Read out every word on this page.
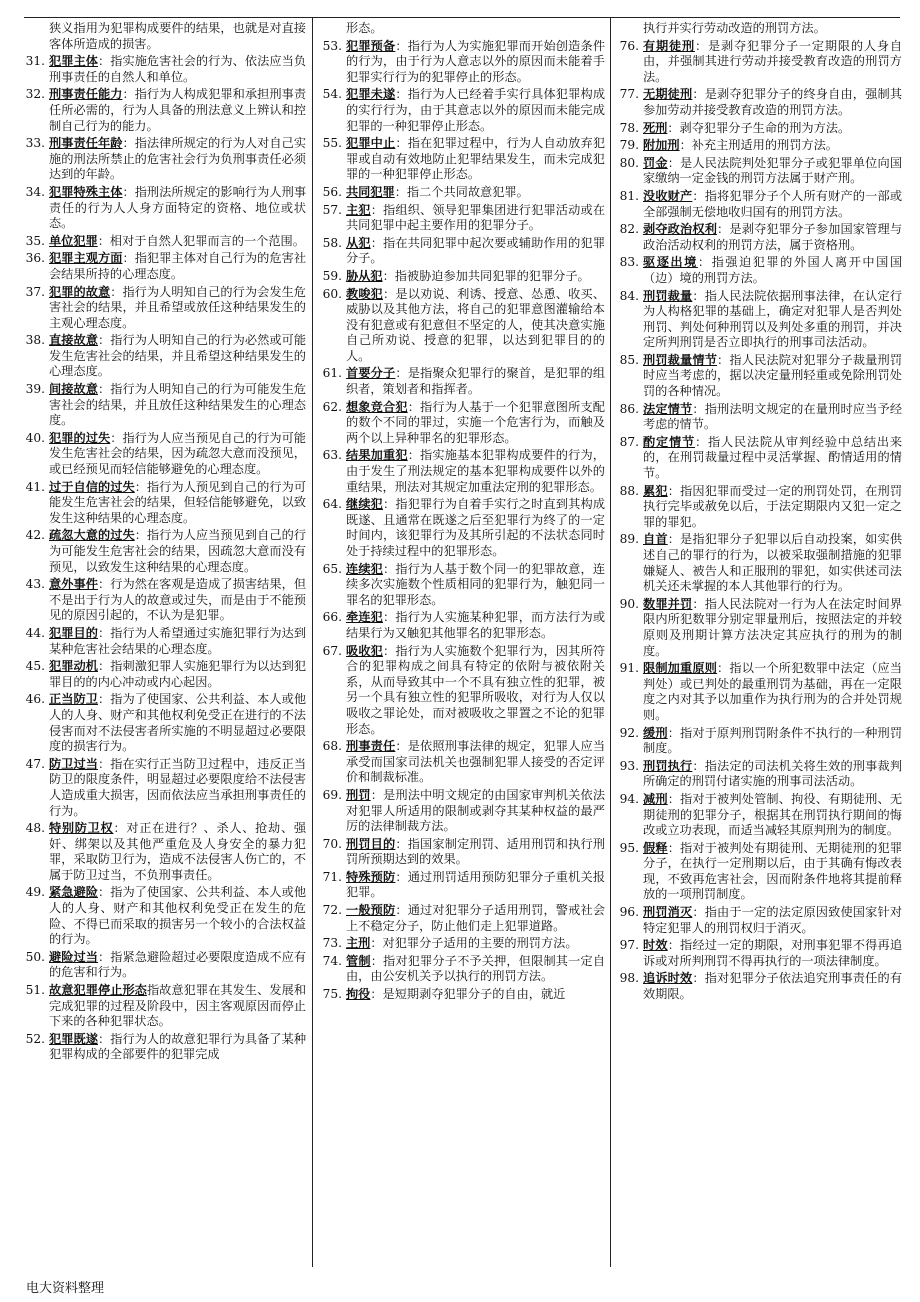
狭义指用为犯罪构成要件的结果，也就是对直接客体所造成的损害。
31. 犯罪主体：指实施危害社会的行为、依法应当负刑事责任的自然人和单位。
32. 刑事责任能力：指行为人构成犯罪和承担刑事责任所必需的，行为人具备的刑法意义上辨认和控制自己行为的能力。
33. 刑事责任年龄：指法律所规定的行为人对自己实施的刑法所禁止的危害社会行为负刑事责任必须达到的年龄。
34. 犯罪特殊主体：指刑法所规定的影响行为人刑事责任的行为人人身方面特定的资格、地位或状态。
35. 单位犯罪：相对于自然人犯罪而言的一个范围。
36. 犯罪主观方面：指犯罪主体对自己行为的危害社会结果所持的心理态度。
37. 犯罪的故意：指行为人明知自己的行为会发生危害社会的结果，并且希望或放任这种结果发生的主观心理态度。
38. 直接故意：指行为人明知自己的行为必然或可能发生危害社会的结果，并且希望这种结果发生的心理态度。
39. 间接故意：指行为人明知自己的行为可能发生危害社会的结果，并且放任这种结果发生的心理态度。
40. 犯罪的过失：指行为人应当预见自己的行为可能发生危害社会的结果，因为疏忽大意而没预见，或已经预见而轻信能够避免的心理态度。
41. 过于自信的过失：指行为人预见到自己的行为可能发生危害社会的结果，但轻信能够避免，以致发生这种结果的心理态度。
42. 疏忽大意的过失：指行为人应当预见到自己的行为可能发生危害社会的结果，因疏忽大意而没有预见，以致发生这种结果的心理态度。
43. 意外事件：行为然在客观是造成了损害结果，但不是出于行为人的故意或过失，而是由于不能预见的原因引起的，不认为是犯罪。
44. 犯罪目的：指行为人希望通过实施犯罪行为达到某种危害社会结果的心理态度。
45. 犯罪动机：指刺激犯罪人实施犯罪行为以达到犯罪目的的内心冲动或内心起因。
46. 正当防卫：指为了使国家、公共利益、本人或他人的人身、财产和其他权利免受正在进行的不法侵害而对不法侵害者所实施的不明显超过必要限度的损害行为。
47. 防卫过当：指在实行正当防卫过程中，违反正当防卫的限度条件，明显超过必要限度给不法侵害人造成重大损害，因而依法应当承担刑事责任的行为。
48. 特别防卫权：对正在进行？、杀人、抢劫、强奸、绑架以及其他严重危及人身安全的暴力犯罪，采取防卫行为，造成不法侵害人伤亡的，不属于防卫过当，不负刑事责任。
49. 紧急避险：指为了使国家、公共利益、本人或他人的人身、财产和其他权利免受正在发生的危险、不得已而采取的损害另一个较小的合法权益的行为。
50. 避险过当：指紧急避险超过必要限度造成不应有的危害和行为。
51. 故意犯罪停止形态指故意犯罪在其发生、发展和完成犯罪的过程及阶段中，因主客观原因而停止下来的各种犯罪状态。
52. 犯罪既遂：指行为人的故意犯罪行为具备了某种犯罪构成的全部要件的犯罪完成
形态。
53. 犯罪预备：指行为人为实施犯罪而开始创造条件的行为，由于行为人意志以外的原因而未能着手犯罪实行行为的犯罪停止的形态。
54. 犯罪未遂：指行为人已经着手实行具体犯罪构成的实行行为，由于其意志以外的原因而未能完成犯罪的一种犯罪停止形态。
55. 犯罪中止：指在犯罪过程中，行为人自动放弃犯罪或自动有效地防止犯罪结果发生，而未完成犯罪的一种犯罪停止形态。
56. 共同犯罪：指二个共同故意犯罪。
57. 主犯：指组织、领导犯罪集团进行犯罪活动或在共同犯罪中起主要作用的犯罪分子。
58. 从犯：指在共同犯罪中起次要或辅助作用的犯罪分子。
59. 胁从犯：指被胁迫参加共同犯罪的犯罪分子。
60. 教唆犯：是以劝说、利诱、授意、怂恿、收买、威胁以及其他方法，将自己的犯罪意图灌输给本没有犯意或有犯意但不坚定的人，使其决意实施自己所劝说、授意的犯罪，以达到犯罪目的的人。
61. 首要分子：是指聚众犯罪行的聚首，是犯罪的组织者，策划者和指挥者。
62. 想象竞合犯：指行为人基于一个犯罪意图所支配的数个不同的罪过，实施一个危害行为，而触及两个以上异种罪名的犯罪形态。
63. 结果加重犯：指实施基本犯罪构成要件的行为，由于发生了刑法规定的基本犯罪构成要件以外的重结果，刑法对其规定加重法定刑的犯罪形态。
64. 继续犯：指犯罪行为自着手实行之时直到其构成既遂、且通常在既遂之后至犯罪行为终了的一定时间内，该犯罪行为及其所引起的不法状态同时处于持续过程中的犯罪形态。
65. 连续犯：指行为人基于数个同一的犯罪故意，连续多次实施数个性质相同的犯罪行为，触犯同一罪名的犯罪形态。
66. 牵连犯：指行为人实施某种犯罪，而方法行为或结果行为又触犯其他罪名的犯罪形态。
67. 吸收犯：指行为人实施数个犯罪行为，因其所符合的犯罪构成之间具有特定的依附与被依附关系，从而导致其中一个不具有独立性的犯罪，被另一个具有独立性的犯罪所吸收，对行为人仅以吸收之罪论处，而对被吸收之罪置之不论的犯罪形态。
68. 刑事责任：是依照刑事法律的规定，犯罪人应当承受而国家司法机关也强制犯罪人接受的否定评价和制裁标准。
69. 刑罚：是刑法中明文规定的由国家审判机关依法对犯罪人所适用的限制或剥夺其某种权益的最严厉的法律制裁方法。
70. 刑罚目的：指国家制定刑罚、适用刑罚和执行刑罚所预期达到的效果。
71. 特殊预防：通过刑罚适用预防犯罪分子重机关报犯罪。
72. 一般预防：通过对犯罪分子适用刑罚，警戒社会上不稳定分子，防止他们走上犯罪道路。
73. 主刑：对犯罪分子适用的主要的刑罚方法。
74. 管制：指对犯罪分子不予关押，但限制其一定自由，由公安机关予以执行的刑罚方法。
75. 拘役：是短期剥夺犯罪分子的自由，就近
执行并实行劳动改造的刑罚方法。
76. 有期徒刑：是剥夺犯罪分子一定期限的人身自由，并强制其进行劳动并接受教育改造的刑罚方法。
77. 无期徒刑：是剥夺犯罪分子的终身自由，强制其参加劳动并接受教育改造的刑罚方法。
78. 死刑：剥夺犯罪分子生命的刑为方法。
79. 附加刑：补充主刑适用的刑罚方法。
80. 罚金：是人民法院判处犯罪分子或犯罪单位向国家缴纳一定金钱的刑罚方法属于财产刑。
81. 没收财产：指将犯罪分子个人所有财产的一部或全部强制无偿地收归国有的刑罚方法。
82. 剥夺政治权利：是剥夺犯罪分子参加国家管理与政治活动权利的刑罚方法，属于资格刑。
83. 驱逐出境：指强迫犯罪的外国人离开中国国（边）境的刑罚方法。
84. 刑罚裁量：指人民法院依据刑事法律，在认定行为人构格犯罪的基础上，确定对犯罪人是否判处刑罚、判处何种刑罚以及判处多重的刑罚，并决定所判刑罚是否立即执行的刑事司法活动。
85. 刑罚裁量情节：指人民法院对犯罪分子裁量刑罚时应当考虑的，据以决定量刑轻重或免除刑罚处罚的各种情况。
86. 法定情节：指刑法明文规定的在量刑时应当予经考虑的情节。
87. 酌定情节：指人民法院从审判经验中总结出来的，在刑罚裁量过程中灵活掌握、酌情适用的情节。
88. 累犯：指因犯罪而受过一定的刑罚处罚，在刑罚执行完毕或赦免以后，于法定期限内又犯一定之罪的罪犯。
89. 自首：是指犯罪分子犯罪以后自动投案，如实供述自己的罪行的行为，以被采取强制措施的犯罪嫌疑人、被告人和正服刑的罪犯，如实供述司法机关还未掌握的本人其他罪行的行为。
90. 数罪并罚：指人民法院对一行为人在法定时间界限内所犯数罪分别定罪量刑后，按照法定的并较原则及刑期计算方法决定其应执行的刑为的制度。
91. 限制加重原则：指以一个所犯数罪中法定（应当判处）或已判处的最重刑罚为基础，再在一定限度之内对其予以加重作为执行刑为的合并处罚规则。
92. 缓刑：指对于原判刑罚附条件不执行的一种刑罚制度。
93. 刑罚执行：指法定的司法机关将生效的刑事裁判所确定的刑罚付诸实施的刑事司法活动。
94. 减刑：指对于被判处管制、拘役、有期徒刑、无期徒刑的犯罪分子，根据其在刑罚执行期间的悔改或立功表现，而适当减轻其原判刑为的制度。
95. 假释：指对于被判处有期徒刑、无期徒刑的犯罪分子，在执行一定刑期以后，由于其确有悔改表现，不致再危害社会，因而附条件地将其提前释放的一项刑罚制度。
96. 刑罚消灭：指由于一定的法定原因致使国家针对特定犯罪人的刑罚权归于消灭。
97. 时效：指经过一定的期限，对刑事犯罪不得再追诉或对所判刑罚不得再执行的一项法律制度。
98. 追诉时效：指对犯罪分子依法追究刑事责任的有效期限。
电大资料整理
